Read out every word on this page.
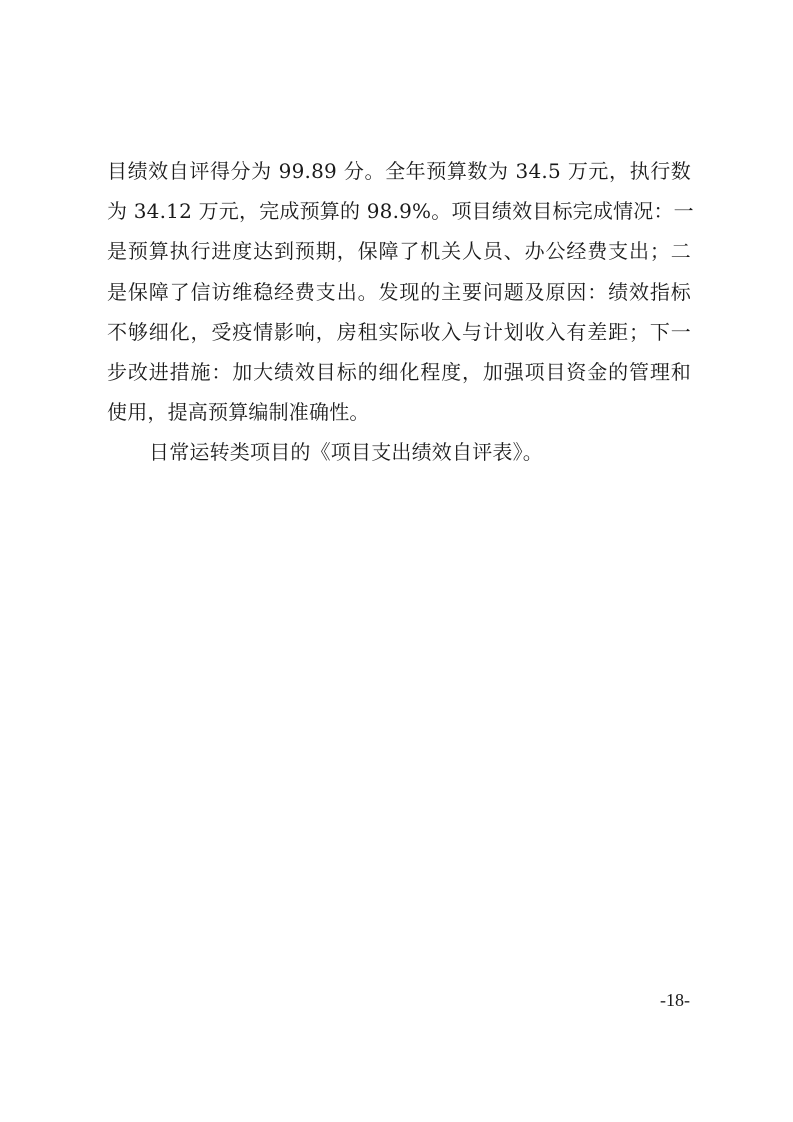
目绩效自评得分为 99.89 分。全年预算数为 34.5 万元，执行数
为 34.12 万元，完成预算的 98.9%。项目绩效目标完成情况：一
是预算执行进度达到预期，保障了机关人员、办公经费支出；二
是保障了信访维稳经费支出。发现的主要问题及原因：绩效指标
不够细化，受疫情影响，房租实际收入与计划收入有差距；下一
步改进措施：加大绩效目标的细化程度，加强项目资金的管理和
使用，提高预算编制准确性。
日常运转类项目的《项目支出绩效自评表》。
-18-
